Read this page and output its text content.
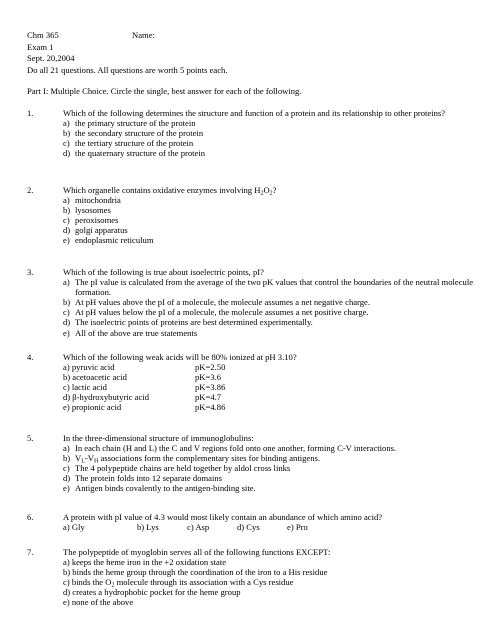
Chm 365	Name:
Exam 1
Sept. 20,2004
Do all 21 questions. All questions are worth 5 points each.
Part I: Multiple Choice. Circle the single, best answer for each of the following.
1.	Which of the following determines the structure and function of a protein and its relationship to other proteins?
a) the primary structure of the protein
b) the secondary structure of the protein
c) the tertiary structure of the protein
d) the quaternary structure of the protein
2.	Which organelle contains oxidative enzymes involving $H_2O_2$?
a) mitochondria
b) lysosomes
c) peroxisomes
d) golgi apparatus
e) endoplasmic reticulum
3.	Which of the following is true about isoelectric points, pI?
a) The pI value is calculated from the average of the two pK values that control the boundaries of the neutral molecule formation.
b) At pH values above the pI of a molecule, the molecule assumes a net negative charge.
c) At pH values below the pI of a molecule, the molecule assumes a net positive charge.
d) The isoelectric points of proteins are best determined experimentally.
e) All of the above are true statements
4.	Which of the following weak acids will be 80% ionized at pH 3.10?
a) pyruvic acid	pK=2.50
b) acetoacetic acid	pK=3.6
c) lactic acid	pK=3.86
d) β-hydroxybutyric acid	pK=4.7
e) propionic acid	pK=4.86
5.	In the three-dimensional structure of immunoglobulins:
a) In each chain (H and L) the C and V regions fold onto one another, forming C-V interactions.
b) $V_L-V_H$ associations form the complementary sites for binding antigens.
c) The 4 polypeptide chains are held together by aldol cross links
d) The protein folds into 12 separate domains
e) Antigen binds covalently to the antigen-binding site.
6.	A protein with pI value of 4.3 would most likely contain an abundance of which amino acid?
a) Gly	b) Lys	c) Asp	d) Cys	e) Pro
7.	The polypeptide of myoglobin serves all of the following functions EXCEPT:
a) keeps the heme iron in the +2 oxidation state
b) binds the heme group through the coordination of the iron to a His residue
c) binds the $O_2$ molecule through its association with a Cys residue
d) creates a hydrophobic pocket for the heme group
e) none of the above
